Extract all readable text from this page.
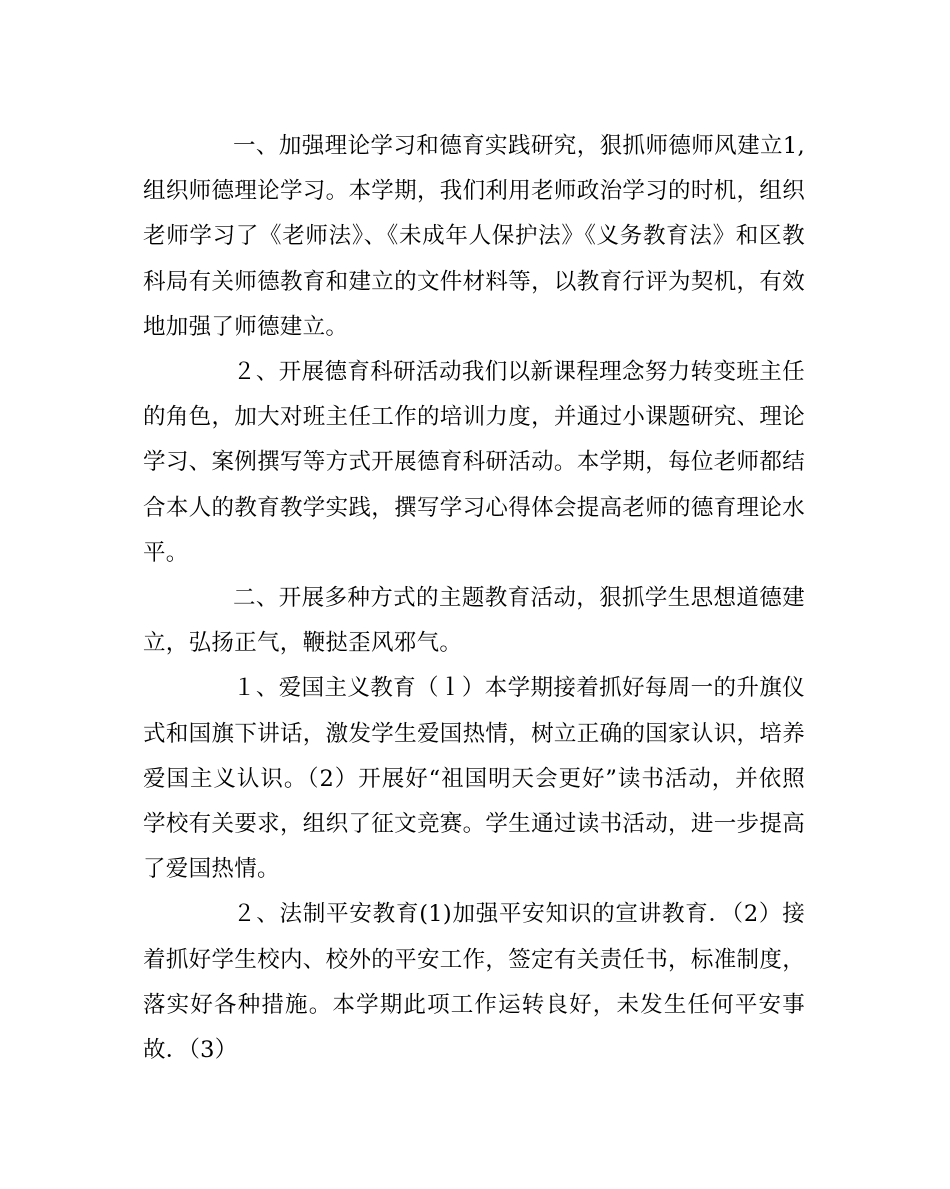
一、加强理论学习和德育实践研究，狠抓师德师风建立1,组织师德理论学习。本学期，我们利用老师政治学习的时机，组织老师学习了《老师法》、《未成年人保护法》《义务教育法》和区教科局有关师德教育和建立的文件材料等，以教育行评为契机，有效地加强了师德建立。

２、开展德育科研活动我们以新课程理念努力转变班主任的角色，加大对班主任工作的培训力度，并通过小课题研究、理论学习、案例撰写等方式开展德育科研活动。本学期，每位老师都结合本人的教育教学实践，撰写学习心得体会提高老师的德育理论水平。

二、开展多种方式的主题教育活动，狠抓学生思想道德建立，弘扬正气，鞭挞歪风邪气。

１、爱国主义教育（ｌ）本学期接着抓好每周一的升旗仪式和国旗下讲话，激发学生爱国热情，树立正确的国家认识，培养爱国主义认识。（2）开展好“祖国明天会更好”读书活动，并依照学校有关要求，组织了征文竞赛。学生通过读书活动，进一步提高了爱国热情。

２、法制平安教育(1)加强平安知识的宣讲教育．（2）接着抓好学生校内、校外的平安工作，签定有关责任书，标准制度，落实好各种措施。本学期此项工作运转良好，未发生任何平安事故．（3）
